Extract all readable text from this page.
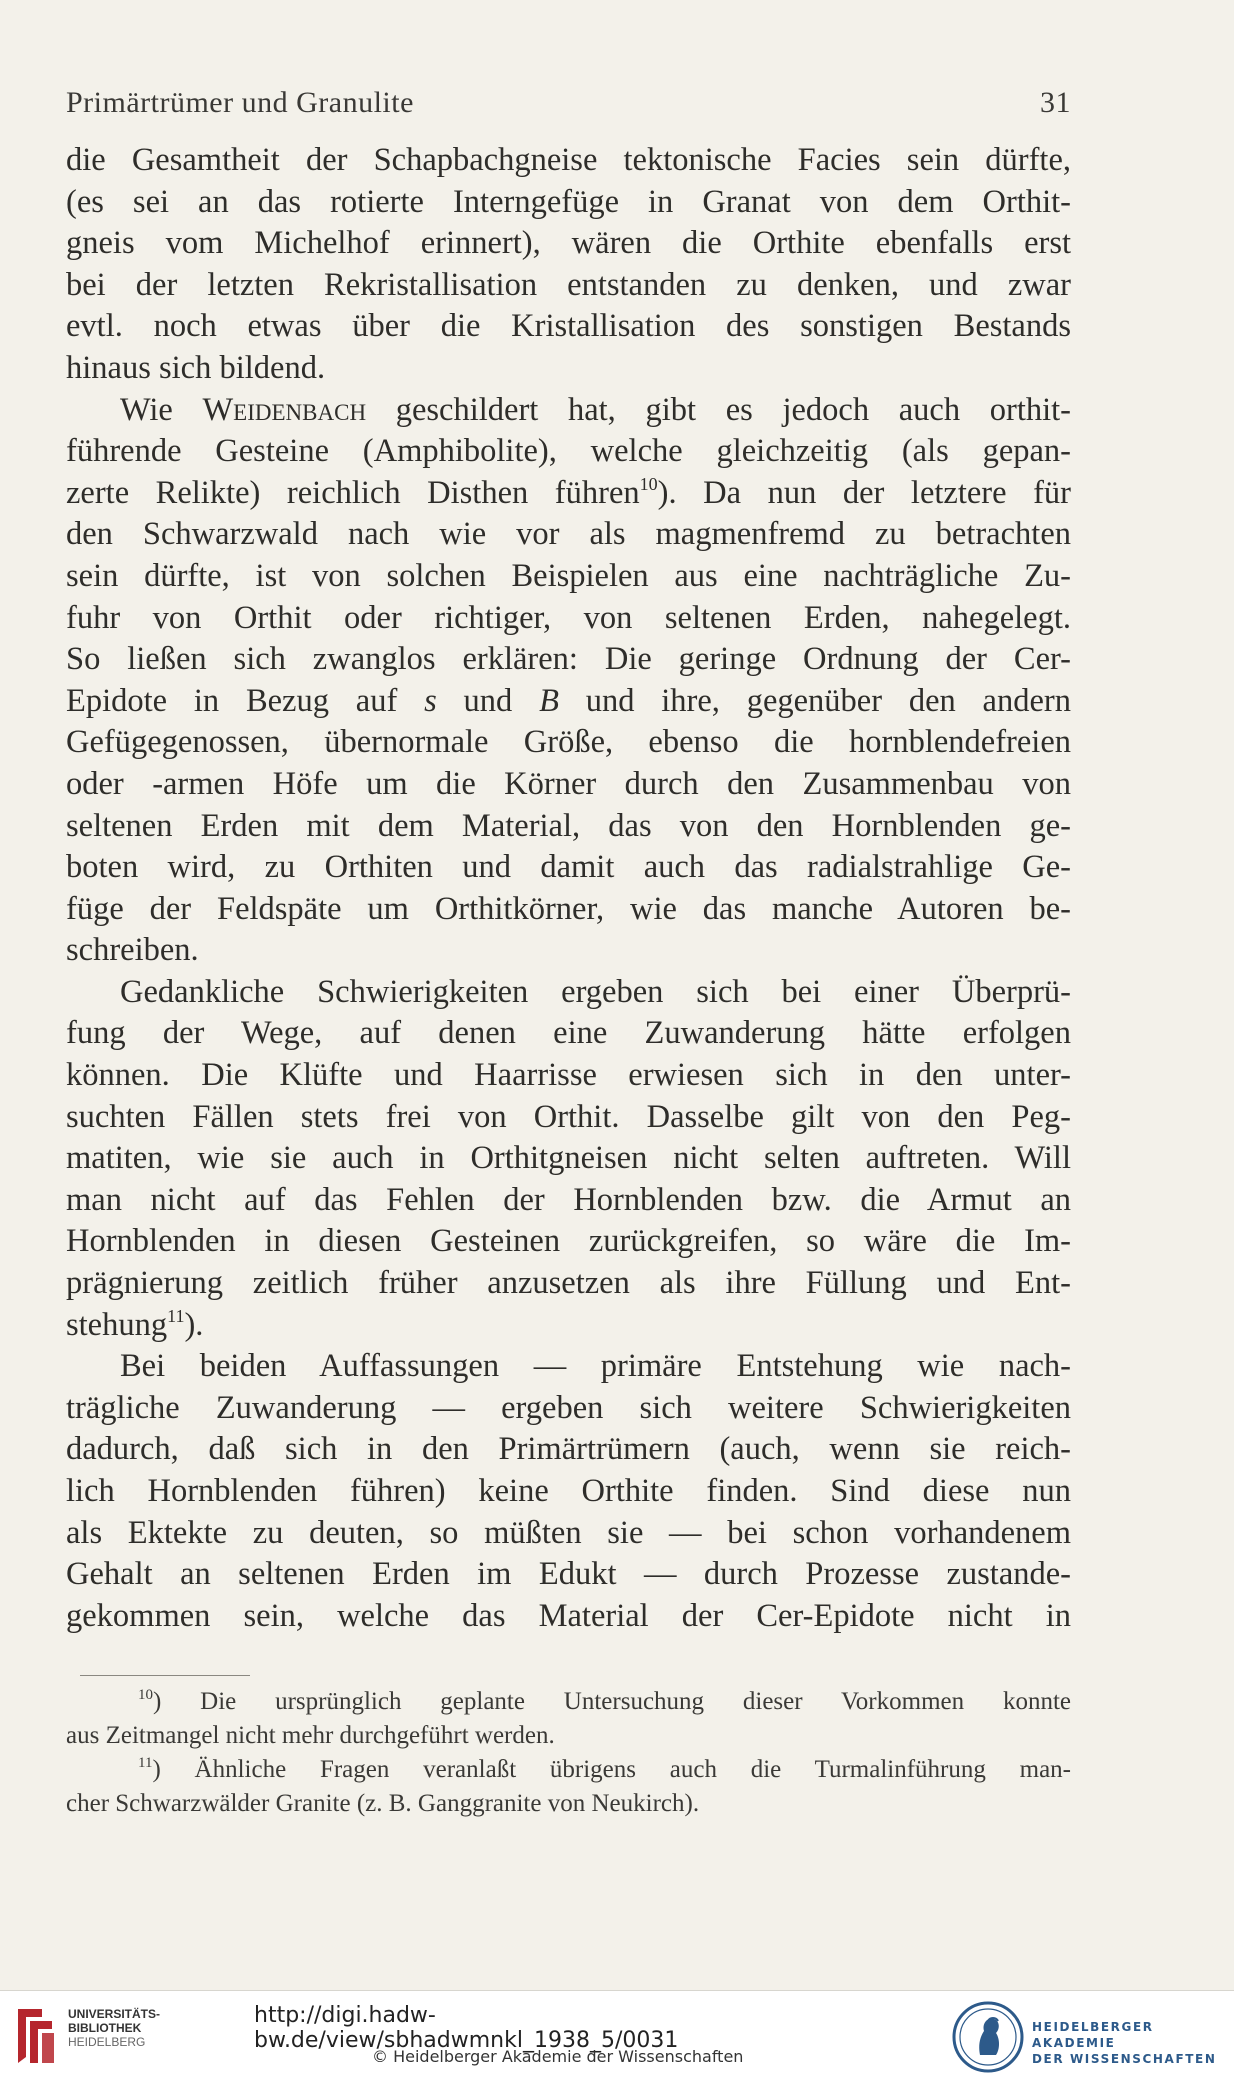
Primärtrümer und Granulite	31
die Gesamtheit der Schapbachgneise tektonische Facies sein dürfte,
(es sei an das rotierte Interngefüge in Granat von dem Orthit-
gneis vom Michelhof erinnert), wären die Orthite ebenfalls erst
bei der letzten Rekristallisation entstanden zu denken, und zwar
evtl. noch etwas über die Kristallisation des sonstigen Bestands
hinaus sich bildend.
Wie Weidenbach geschildert hat, gibt es jedoch auch orthit-
führende Gesteine (Amphibolite), welche gleichzeitig (als gepan-
zerte Relikte) reichlich Disthen führen$^{10}$). Da nun der letztere für
den Schwarzwald nach wie vor als magmenfremd zu betrachten
sein dürfte, ist von solchen Beispielen aus eine nachträgliche Zu-
fuhr von Orthit oder richtiger, von seltenen Erden, nahegelegt.
So ließen sich zwanglos erklären: Die geringe Ordnung der Cer-
Epidote in Bezug auf s und B und ihre, gegenüber den andern
Gefügegenossen, übernormale Größe, ebenso die hornblendefreien
oder -armen Höfe um die Körner durch den Zusammenbau von
seltenen Erden mit dem Material, das von den Hornblenden ge-
boten wird, zu Orthiten und damit auch das radialstrahlige Ge-
füge der Feldspäte um Orthitkörner, wie das manche Autoren be-
schreiben.
Gedankliche Schwierigkeiten ergeben sich bei einer Überprü-
fung der Wege, auf denen eine Zuwanderung hätte erfolgen
können. Die Klüfte und Haarrisse erwiesen sich in den unter-
suchten Fällen stets frei von Orthit. Dasselbe gilt von den Peg-
matiten, wie sie auch in Orthitgneisen nicht selten auftreten. Will
man nicht auf das Fehlen der Hornblenden bzw. die Armut an
Hornblenden in diesen Gesteinen zurückgreifen, so wäre die Im-
prägnierung zeitlich früher anzusetzen als ihre Füllung und Ent-
stehung$^{11}$).
Bei beiden Auffassungen — primäre Entstehung wie nach-
trägliche Zuwanderung — ergeben sich weitere Schwierigkeiten
dadurch, daß sich in den Primärtrümern (auch, wenn sie reich-
lich Hornblenden führen) keine Orthite finden. Sind diese nun
als Ektekte zu deuten, so müßten sie — bei schon vorhandenem
Gehalt an seltenen Erden im Edukt — durch Prozesse zustande-
gekommen sein, welche das Material der Cer-Epidote nicht in
$^{10}$) Die ursprünglich geplante Untersuchung dieser Vorkommen konnte
aus Zeitmangel nicht mehr durchgeführt werden.
$^{11}$) Ähnliche Fragen veranlaßt übrigens auch die Turmalinführung man-
cher Schwarzwälder Granite (z. B. Ganggranite von Neukirch).
UNIVERSITÄTS-
BIBLIOTHEK
HEIDELBERG
http://digi.hadw-bw.de/view/sbhadwmnkl_1938_5/0031
© Heidelberger Akademie der Wissenschaften
HEIDELBERGER AKADEMIE
DER WISSENSCHAFTEN
